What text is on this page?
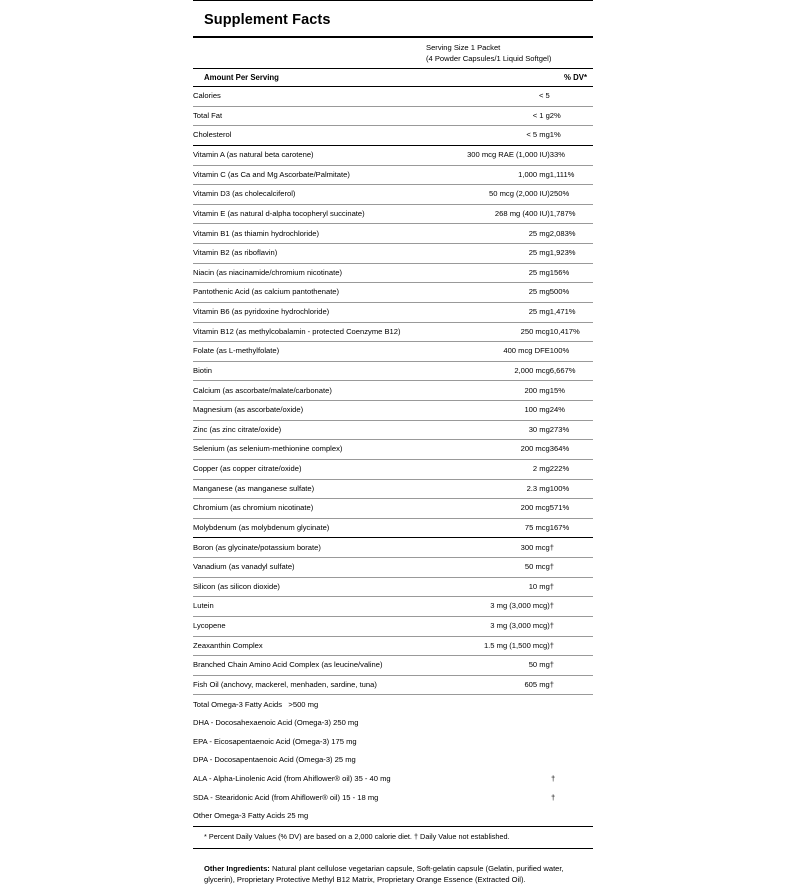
Supplement Facts
Serving Size 1 Packet
(4 Powder Capsules/1 Liquid Softgel)
Amount Per Serving	% DV*
Calories	< 5	
Total Fat	< 1 g	2%
Cholesterol	< 5 mg	1%
Vitamin A (as natural beta carotene)	300 mcg RAE (1,000 IU)	33%
Vitamin C (as Ca and Mg Ascorbate/Palmitate)	1,000 mg	1,111%
Vitamin D3 (as cholecalciferol)	50 mcg (2,000 IU)	250%
Vitamin E (as natural d-alpha tocopheryl succinate)	268 mg (400 IU)	1,787%
Vitamin B1 (as thiamin hydrochloride)	25 mg	2,083%
Vitamin B2 (as riboflavin)	25 mg	1,923%
Niacin (as niacinamide/chromium nicotinate)	25 mg	156%
Pantothenic Acid (as calcium pantothenate)	25 mg	500%
Vitamin B6 (as pyridoxine hydrochloride)	25 mg	1,471%
Vitamin B12 (as methylcobalamin - protected Coenzyme B12)	250 mcg	10,417%
Folate (as L-methylfolate)	400 mcg DFE	100%
Biotin	2,000 mcg	6,667%
Calcium (as ascorbate/malate/carbonate)	200 mg	15%
Magnesium (as ascorbate/oxide)	100 mg	24%
Zinc (as zinc citrate/oxide)	30 mg	273%
Selenium (as selenium-methionine complex)	200 mcg	364%
Copper (as copper citrate/oxide)	2 mg	222%
Manganese (as manganese sulfate)	2.3 mg	100%
Chromium (as chromium nicotinate)	200 mcg	571%
Molybdenum (as molybdenum glycinate)	75 mcg	167%
Boron (as glycinate/potassium borate)	300 mcg	†
Vanadium (as vanadyl sulfate)	50 mcg	†
Silicon (as silicon dioxide)	10 mg	†
Lutein	3 mg (3,000 mcg)	†
Lycopene	3 mg (3,000 mcg)	†
Zeaxanthin Complex	1.5 mg (1,500 mcg)	†
Branched Chain Amino Acid Complex (as leucine/valine)	50 mg	†
Fish Oil (anchovy, mackerel, menhaden, sardine, tuna)	605 mg	†
Total Omega-3 Fatty Acids >500 mg	
DHA - Docosahexaenoic Acid (Omega-3) 250 mg	
EPA - Eicosapentaenoic Acid (Omega-3) 175 mg	
DPA - Docosapentaenoic Acid (Omega-3) 25 mg	
ALA - Alpha-Linolenic Acid (from Ahiflower® oil) 35 - 40 mg	†
SDA - Stearidonic Acid (from Ahiflower® oil) 15 - 18 mg	†
Other Omega-3 Fatty Acids 25 mg	
* Percent Daily Values (% DV) are based on a 2,000 calorie diet. † Daily Value not established.
Other Ingredients: Natural plant cellulose vegetarian capsule, Soft-gelatin capsule (Gelatin, purified water, glycerin), Proprietary Protective Methyl B12 Matrix, Proprietary Orange Essence (Extracted Oil).
